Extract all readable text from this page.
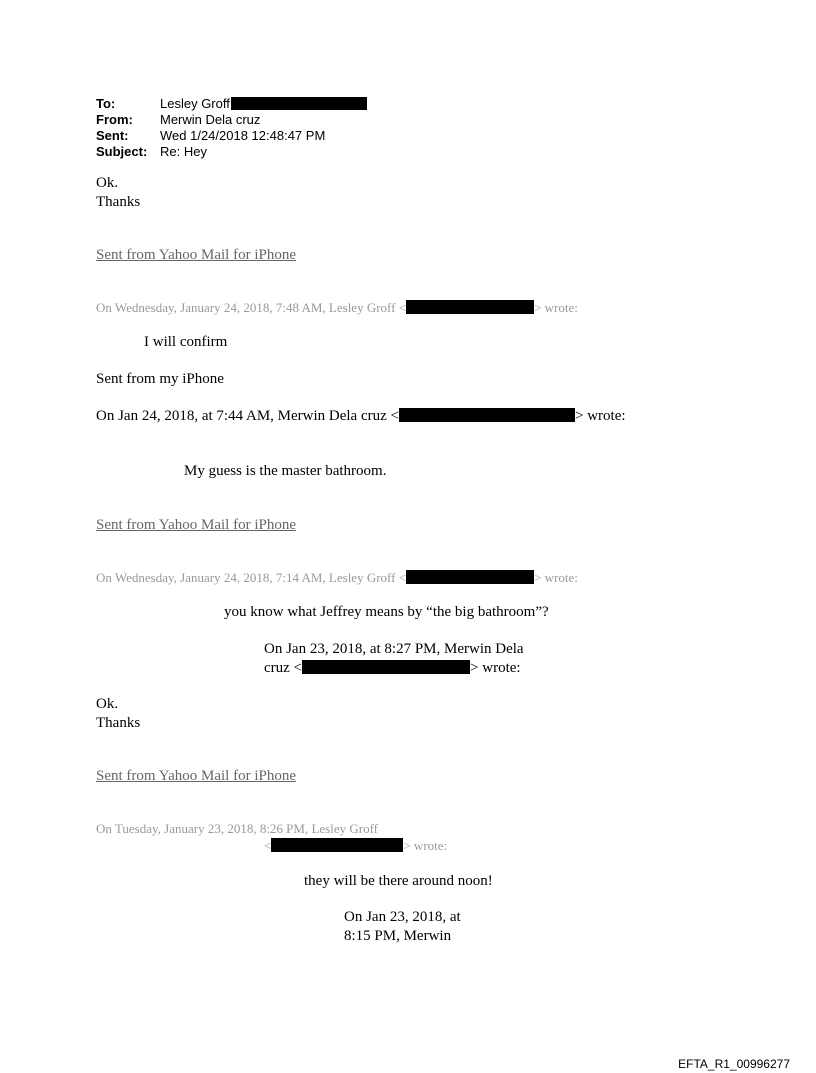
To:	Lesley Groff
From: Merwin Dela cruz
Sent: Wed 1/24/2018 12:48:47 PM
Subject: Re: Hey
Ok.
Thanks
Sent from Yahoo Mail for iPhone
On Wednesday, January 24, 2018, 7:48 AM, Lesley Groff <	> wrote:
I will confirm
Sent from my iPhone
On Jan 24, 2018, at 7:44 AM, Merwin Dela cruz <	> wrote:
My guess is the master bathroom.
Sent from Yahoo Mail for iPhone
On Wednesday, January 24, 2018, 7:14 AM, Lesley Groff <	> wrote:
you know what Jeffrey means by “the big bathroom”?
On Jan 23, 2018, at 8:27 PM, Merwin Dela
cruz <	> wrote:
Ok.
Thanks
Sent from Yahoo Mail for iPhone
On Tuesday, January 23, 2018, 8:26 PM, Lesley Groff
<	> wrote:
they will be there around noon!
On Jan 23, 2018, at
8:15 PM, Merwin
EFTA_R1_00996277
